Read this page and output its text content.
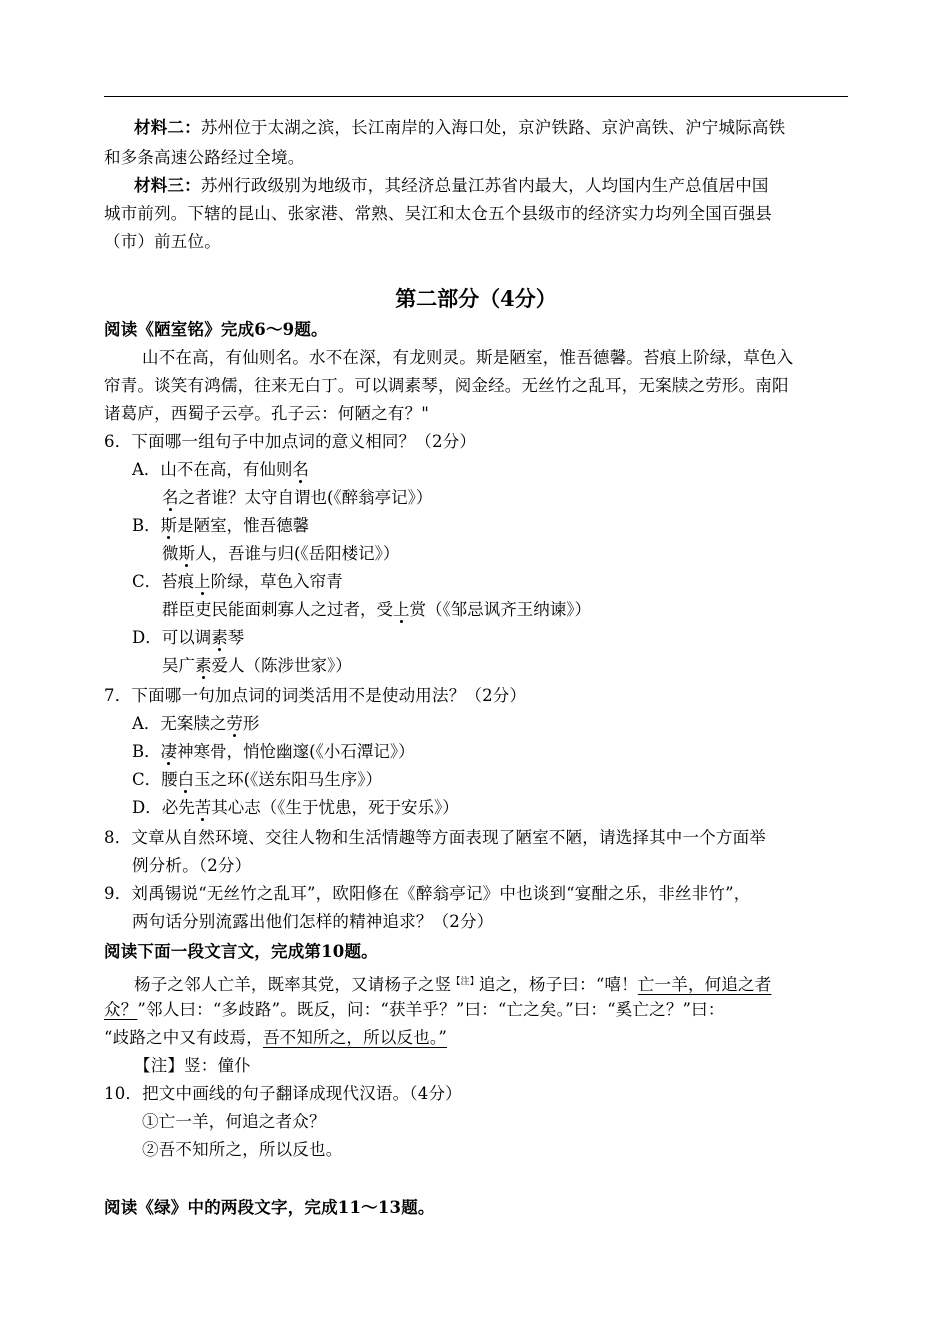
材料二：苏州位于太湖之滨，长江南岸的入海口处，京沪铁路、京沪高铁、沪宁城际高铁
和多条高速公路经过全境。
材料三：苏州行政级别为地级市，其经济总量江苏省内最大，人均国内生产总值居中国
城市前列。下辖的昆山、张家港、常熟、吴江和太仓五个县级市的经济实力均列全国百强县
（市）前五位。
第二部分（4分）
阅读《陋室铭》完成6～9题。
山不在高，有仙则名。水不在深，有龙则灵。斯是陋室，惟吾德馨。苔痕上阶绿，草色入
帘青。谈笑有鸿儒，往来无白丁。可以调素琴，阅金经。无丝竹之乱耳，无案牍之劳形。南阳
诸葛庐，西蜀子云亭。孔子云：何陋之有？"
6．下面哪一组句子中加点词的意义相同？（2分）
A．山不在高，有仙则名
名之者谁？太守自谓也(《醉翁亭记》）
B．斯是陋室，惟吾德馨
微斯人，吾谁与归(《岳阳楼记》）
C．苔痕上阶绿，草色入帘青
群臣吏民能面刺寡人之过者，受上赏（《邹忌讽齐王纳谏》）
D．可以调素琴
吴广素爱人（陈涉世家》）
7．下面哪一句加点词的词类活用不是使动用法？（2分）
A．无案牍之劳形
B．凄神寒骨，悄怆幽邃(《小石潭记》）
C．腰白玉之环(《送东阳马生序》）
D．必先苦其心志（《生于忧患，死于安乐》）
8．文章从自然环境、交往人物和生活情趣等方面表现了陋室不陋，请选择其中一个方面举
例分析。（2分）
9．刘禹锡说“无丝竹之乱耳”，欧阳修在《醉翁亭记》中也谈到“宴酣之乐，非丝非竹”，
两句话分别流露出他们怎样的精神追求？（2分）
阅读下面一段文言文，完成第10题。
杨子之邻人亡羊，既率其党，又请杨子之竖$^{【注】}$追之，杨子曰：“嘻！亡一羊，何追之者
众？”邻人曰：“多歧路”。既反，问：“获羊乎？”曰：“亡之矣。”曰：“奚亡之？”曰：
“歧路之中又有歧焉，吾不知所之，所以反也。”
【注】竖：僮仆
10．把文中画线的句子翻译成现代汉语。（4分）
①亡一羊，何追之者众？
②吾不知所之，所以反也。
阅读《绿》中的两段文字，完成11～13题。
